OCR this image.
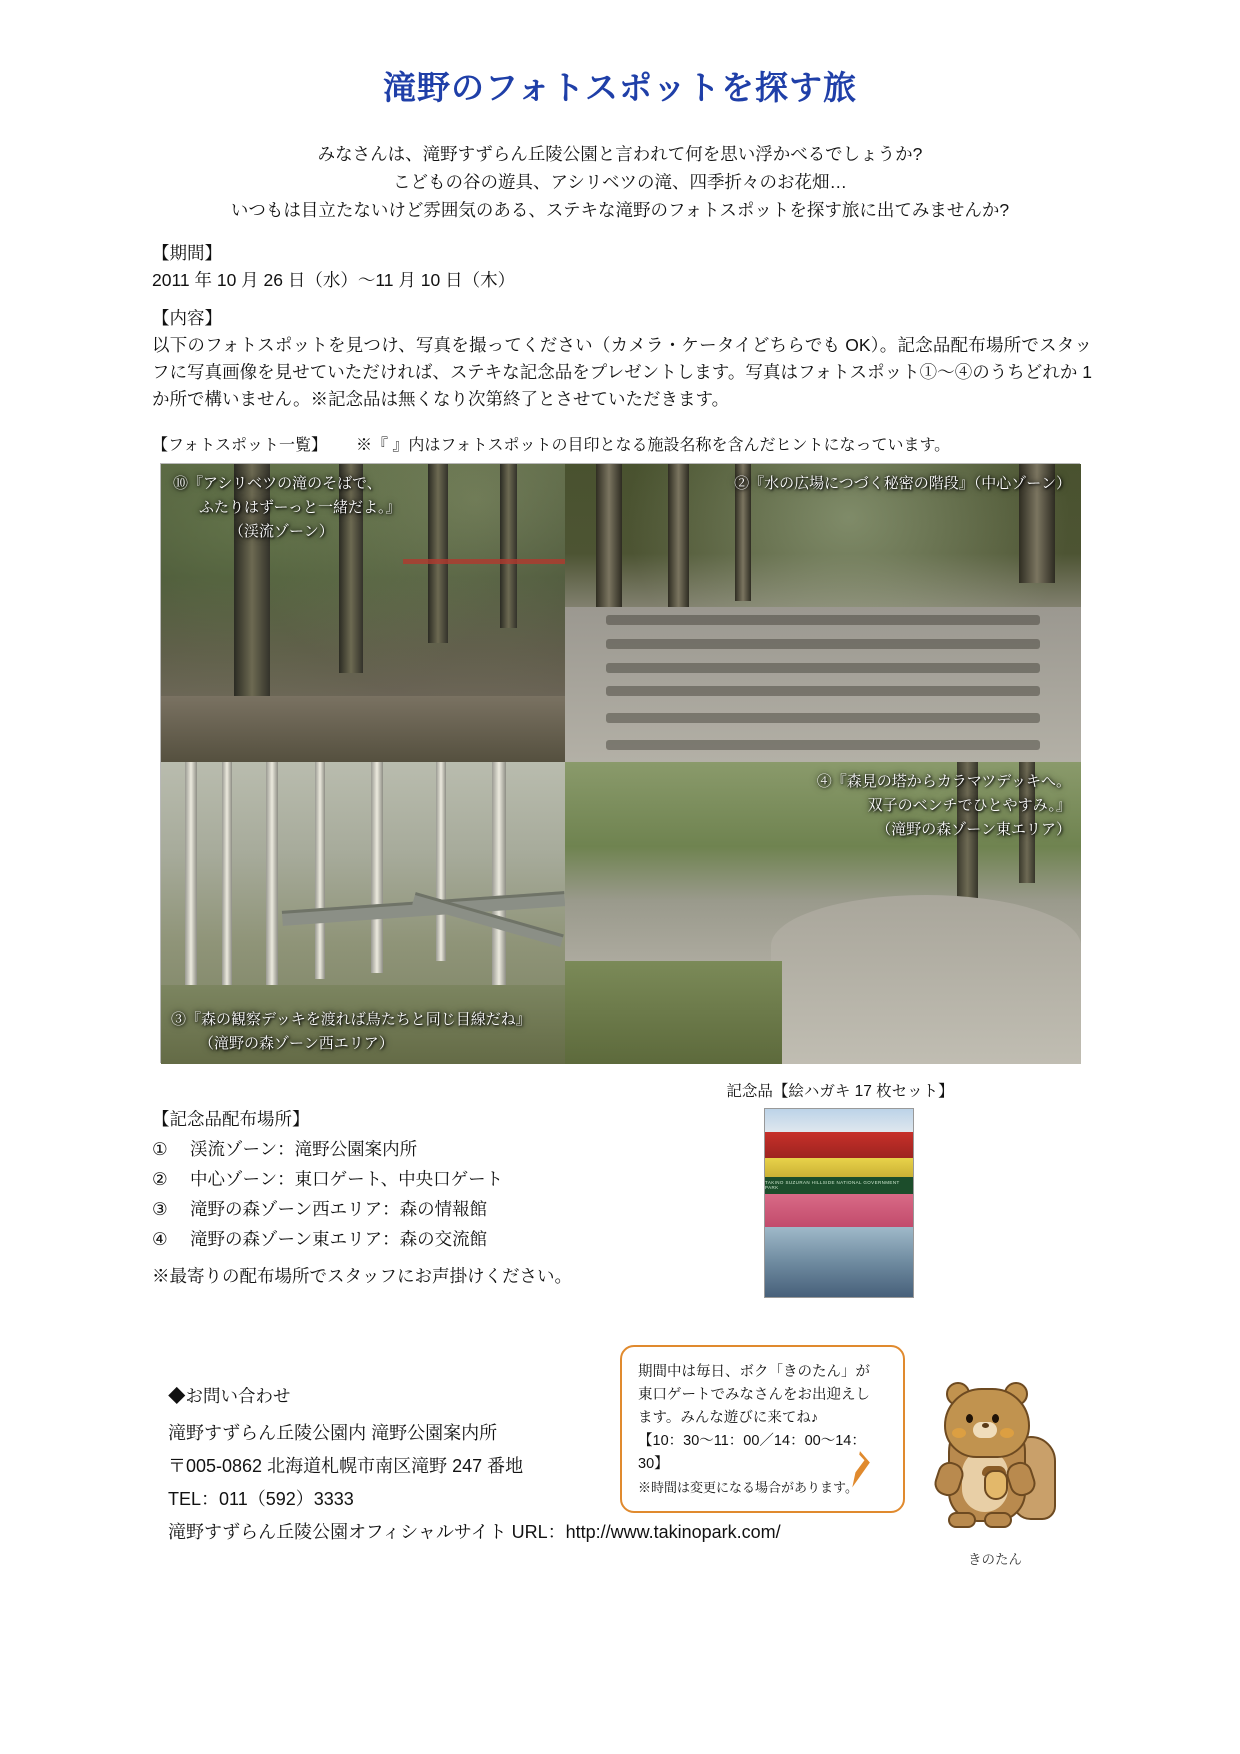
滝野のフォトスポットを探す旅
みなさんは、滝野すずらん丘陵公園と言われて何を思い浮かべるでしょうか?
こどもの谷の遊具、アシリベツの滝、四季折々のお花畑…
いつもは目立たないけど雰囲気のある、ステキな滝野のフォトスポットを探す旅に出てみませんか?
【期間】
2011 年 10 月 26 日（水）〜11 月 10 日（木）
【内容】
以下のフォトスポットを見つけ、写真を撮ってください（カメラ・ケータイどちらでも OK）。記念品配布場所でスタッフに写真画像を見せていただければ、ステキな記念品をプレゼントします。写真はフォトスポット①〜④のうちどれか 1 か所で構いません。※記念品は無くなり次第終了とさせていただきます。
【フォトスポット一覧】 ※『 』内はフォトスポットの目印となる施設名称を含んだヒントになっています。
⑩『アシリベツの滝のそばで、
ふたりはずーっと一緒だよ。』
（渓流ゾーン）
②『水の広場につづく秘密の階段』（中心ゾーン）
③『森の観察デッキを渡れば鳥たちと同じ目線だね』
（滝野の森ゾーン西エリア）
④『森見の塔からカラマツデッキへ。
双子のベンチでひとやすみ。』
（滝野の森ゾーン東エリア）
記念品【絵ハガキ 17 枚セット】
TAKINO SUZURAN HILLSIDE NATIONAL GOVERNMENT PARK
【記念品配布場所】
① 渓流ゾーン：滝野公園案内所
② 中心ゾーン：東口ゲート、中央口ゲート
③ 滝野の森ゾーン西エリア：森の情報館
④ 滝野の森ゾーン東エリア：森の交流館
※最寄りの配布場所でスタッフにお声掛けください。
◆お問い合わせ
滝野すずらん丘陵公園内 滝野公園案内所
〒005-0862 北海道札幌市南区滝野 247 番地
TEL：011（592）3333
滝野すずらん丘陵公園オフィシャルサイト URL：http://www.takinopark.com/
期間中は毎日、ボク「きのたん」が
東口ゲートでみなさんをお出迎えし
ます。みんな遊びに来てね♪
【10：30〜11：00／14：00〜14：30】
※時間は変更になる場合があります。
きのたん
